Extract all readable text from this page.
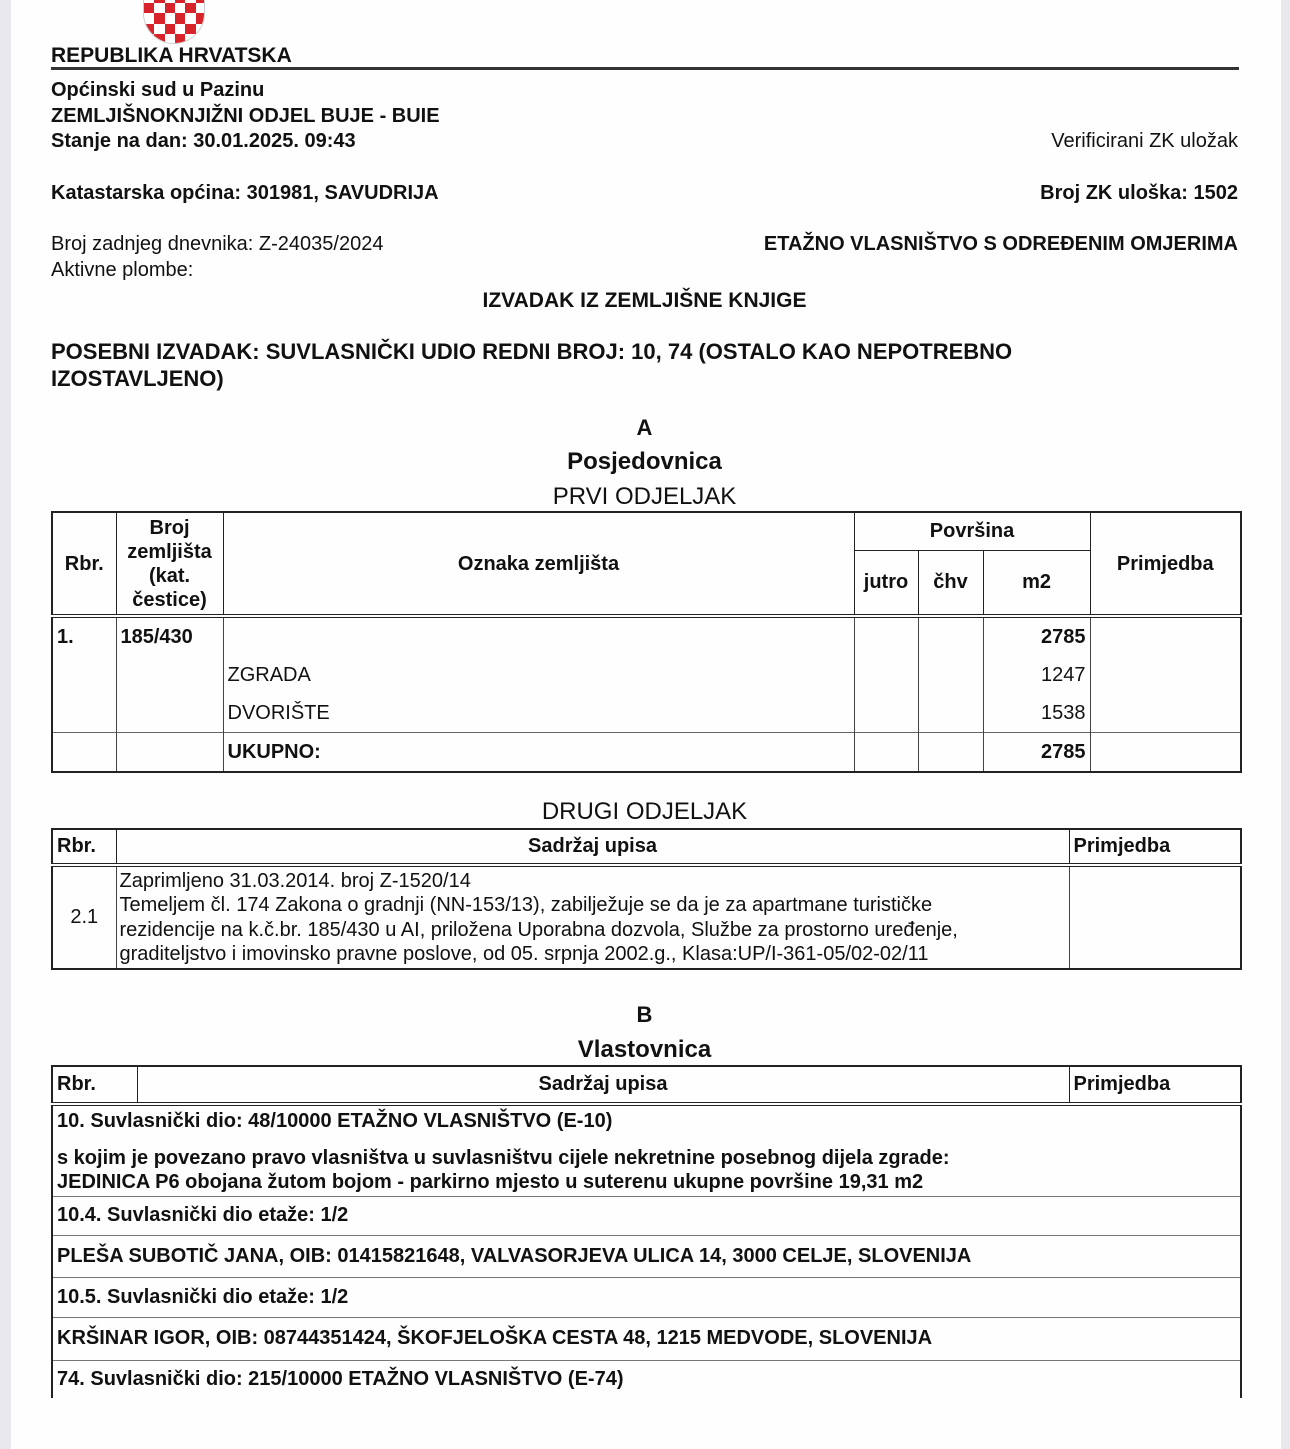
REPUBLIKA HRVATSKA
Općinski sud u Pazinu
ZEMLJIŠNOKNJIŽNI ODJEL BUJE - BUIE
Stanje na dan: 30.01.2025. 09:43	Verificirani ZK uložak
Katastarska općina: 301981, SAVUDRIJA	Broj ZK uloška: 1502
Broj zadnjeg dnevnika: Z-24035/2024	ETAŽNO VLASNIŠTVO S ODREĐENIM OMJERIMA
Aktivne plombe:
IZVADAK IZ ZEMLJIŠNE KNJIGE
POSEBNI IZVADAK: SUVLASNIČKI UDIO REDNI BROJ: 10, 74 (OSTALO KAO NEPOTREBNO
IZOSTAVLJENO)
A
Posjedovnica
PRVI ODJELJAK
Rbr.	Broj
zemljišta
(kat.
čestice)	Oznaka zemljišta	Površina			Primjedba
			jutro	čhv	m2	
1.	185/430				2785	
		ZGRADA			1247	
		DVORIŠTE			1538	
		UKUPNO:			2785	
DRUGI ODJELJAK
Rbr.	Sadržaj upisa	Primjedba
2.1	Zaprimljeno 31.03.2014. broj Z-1520/14
Temeljem čl. 174 Zakona o gradnji (NN-153/13), zabilježuje se da je za apartmane turističke
rezidencije na k.č.br. 185/430 u AI, priložena Uporabna dozvola, Službe za prostorno uređenje,
graditeljstvo i imovinsko pravne poslove, od 05. srpnja 2002.g., Klasa:UP/I-361-05/02-02/11	

B
Vlastovnica
Rbr.	Sadržaj upisa	Primjedba
10. Suvlasnički dio: 48/10000 ETAŽNO VLASNIŠTVO (E-10)

s kojim je povezano pravo vlasništva u suvlasništvu cijele nekretnine posebnog dijela zgrade:
JEDINICA P6 obojana žutom bojom - parkirno mjesto u suterenu ukupne površine 19,31 m2

10.4. Suvlasnički dio etaže: 1/2
PLEŠA SUBOTIČ JANA, OIB: 01415821648, VALVASORJEVA ULICA 14, 3000 CELJE, SLOVENIJA
10.5. Suvlasnički dio etaže: 1/2
KRŠINAR IGOR, OIB: 08744351424, ŠKOFJELOŠKA CESTA 48, 1215 MEDVODE, SLOVENIJA
74. Suvlasnički dio: 215/10000 ETAŽNO VLASNIŠTVO (E-74)
